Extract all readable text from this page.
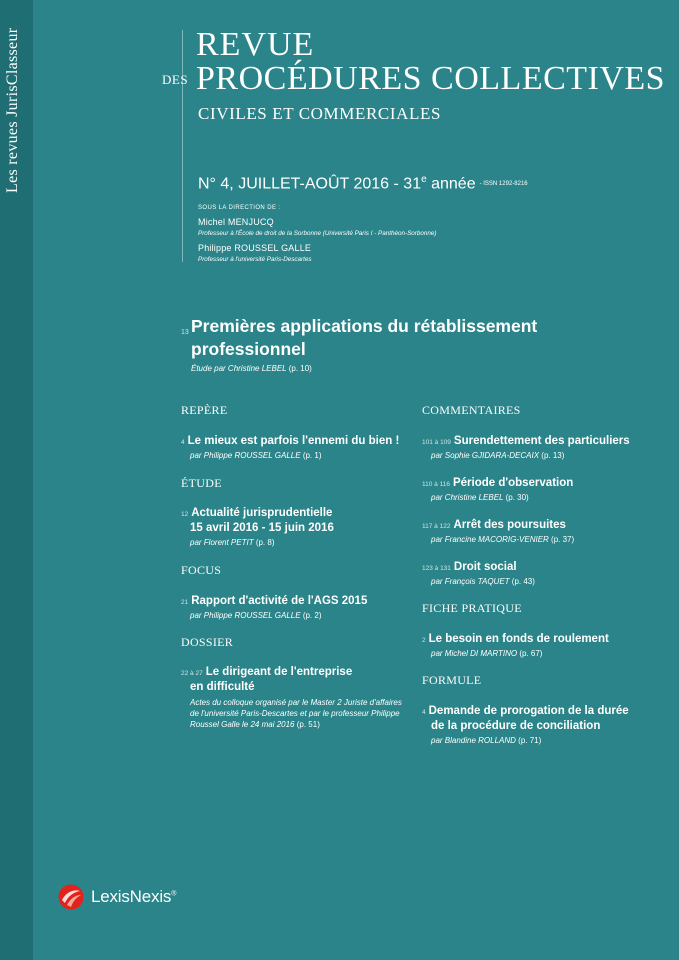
Les revues JurisClasseur	REVUE
DES PROCÉDURES COLLECTIVES
CIVILES ET COMMERCIALES
N° 4, JUILLET-AOÛT 2016 - 31e année - ISSN 1292-8216
SOUS LA DIRECTION DE :
Michel MENJUCQ
Professeur à l'École de droit de la Sorbonne (Université Paris I - Panthéon-Sorbonne)
Philippe ROUSSEL GALLE
Professeur à l'université Paris-Descartes
13 Premières applications du rétablissement
professionnel
Étude par Christine LEBEL (p. 10)
REPÈRE
4 Le mieux est parfois l'ennemi du bien !
par Philippe ROUSSEL GALLE (p. 1)
ÉTUDE
12 Actualité jurisprudentielle
15 avril 2016 - 15 juin 2016
par Florent PETIT (p. 8)
FOCUS
21 Rapport d'activité de l'AGS 2015
par Philippe ROUSSEL GALLE (p. 2)
DOSSIER
22 à 27 Le dirigeant de l'entreprise
en difficulté
Actes du colloque organisé par le Master 2 Juriste d'affaires de l'université Paris-Descartes et par le professeur Philippe Roussel Galle le 24 mai 2016 (p. 51)
COMMENTAIRES
101 à 109 Surendettement des particuliers
par Sophie GJIDARA-DECAIX (p. 13)
110 à 116 Période d'observation
par Christine LEBEL (p. 30)
117 à 122 Arrêt des poursuites
par Francine MACORIG-VENIER (p. 37)
123 à 131 Droit social
par François TAQUET (p. 43)
FICHE PRATIQUE
2 Le besoin en fonds de roulement
par Michel DI MARTINO (p. 67)
FORMULE
4 Demande de prorogation de la durée
de la procédure de conciliation
par Blandine ROLLAND (p. 71)
LexisNexis®
